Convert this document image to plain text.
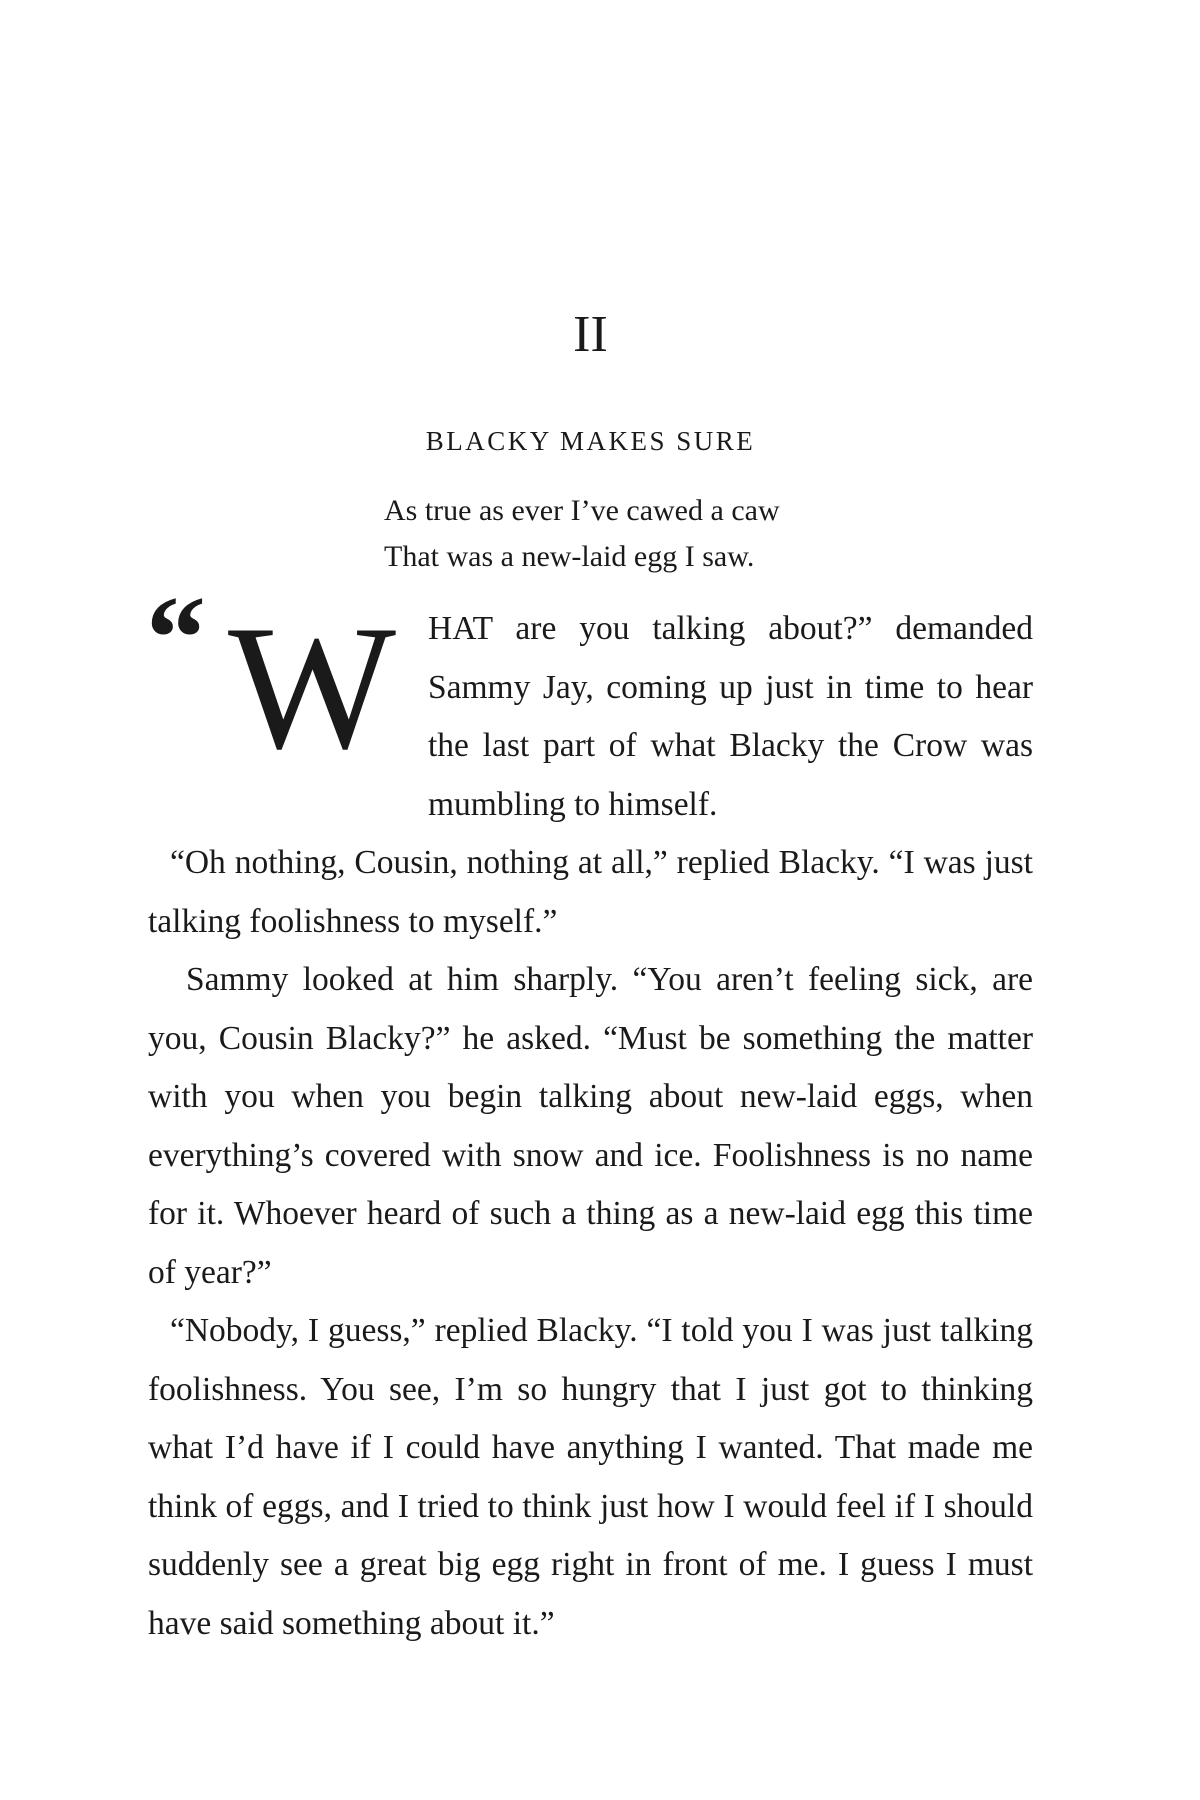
II
BLACKY MAKES SURE
As true as ever I’ve cawed a caw
That was a new-laid egg I saw.

“ W HAT are you talking about?” demanded Sammy Jay, coming up just in time to hear the last part of what Blacky the Crow was mumbling to himself.

“Oh nothing, Cousin, nothing at all,” replied Blacky. “I was just talking foolishness to myself.”

Sammy looked at him sharply. “You aren’t feeling sick, are you, Cousin Blacky?” he asked. “Must be something the matter with you when you begin talking about new-laid eggs, when everything’s covered with snow and ice. Foolishness is no name for it. Whoever heard of such a thing as a new-laid egg this time of year?”

“Nobody, I guess,” replied Blacky. “I told you I was just talking foolishness. You see, I’m so hungry that I just got to thinking what I’d have if I could have anything I wanted. That made me think of eggs, and I tried to think just how I would feel if I should suddenly see a great big egg right in front of me. I guess I must have said something about it.”
